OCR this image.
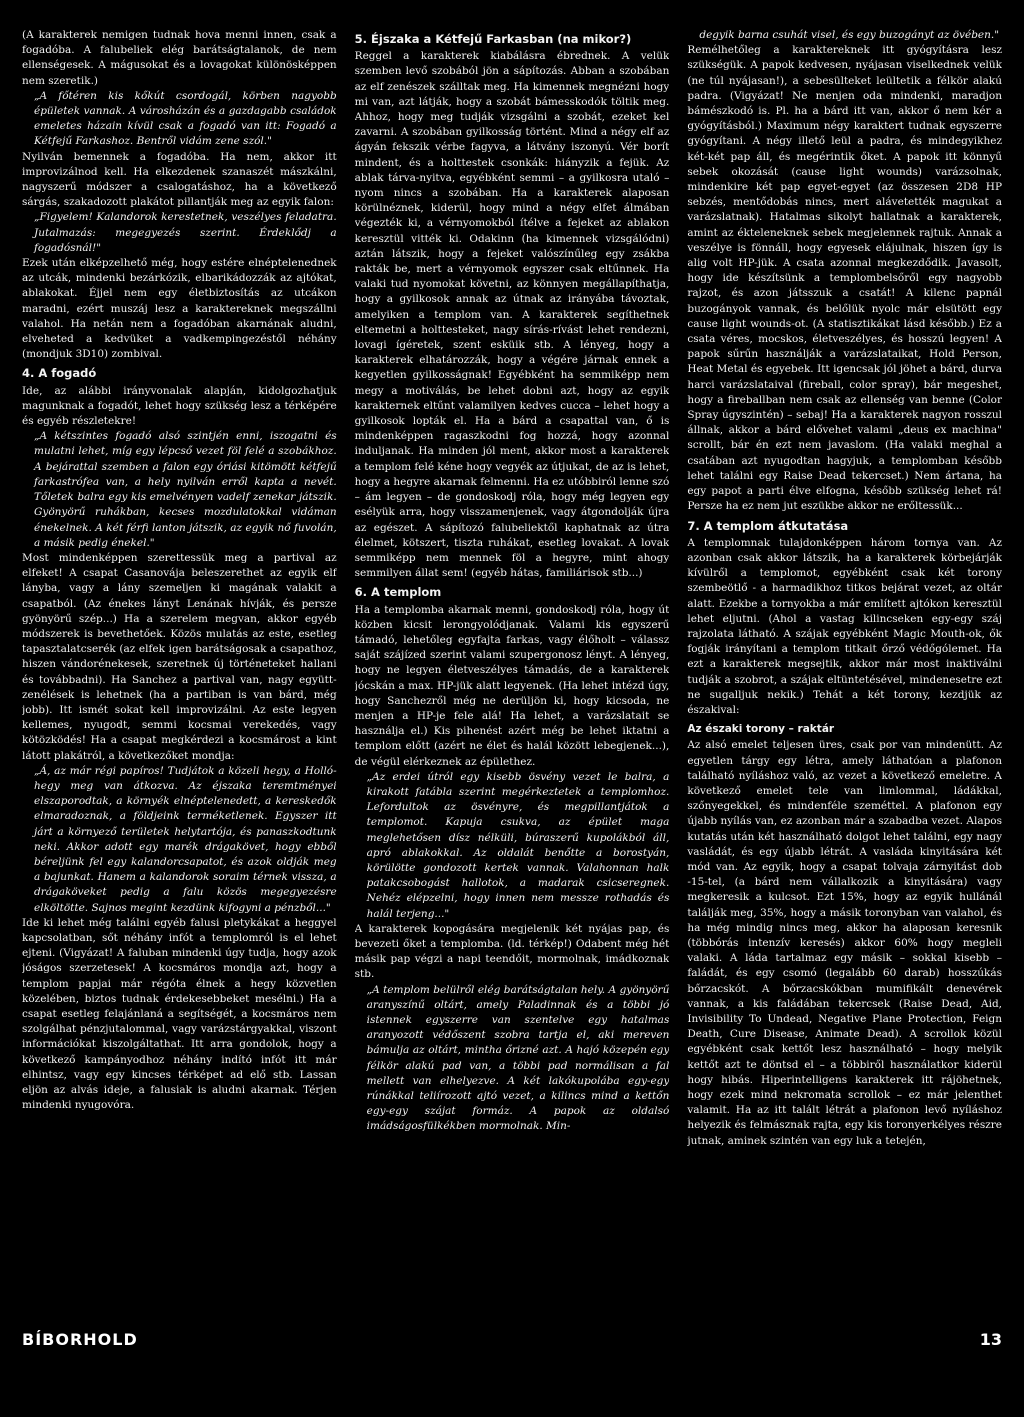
(A karakterek nemigen tudnak hova menni innen, csak a fogadóba. A falubeliek elég barátságtalanok, de nem ellenségesek. A mágusokat és a lovagokat különösképpen nem szeretik.)

„A főtéren kis kőkút csordogál, körben nagyobb épületek vannak. A városházán és a gazdagabb családok emeletes házain kívül csak a fogadó van itt: Fogadó a Kétfejű Farkashoz. Bentről vidám zene szól."

Nyilván bemennek a fogadóba. Ha nem, akkor itt improvizálnod kell. Ha elkezdenek szanaszét mászkálni, nagyszerű módszer a csalogatáshoz, ha a következő sárgás, szakadozott plakátot pillantják meg az egyik falon:

„Figyelem! Kalandorok kerestetnek, veszélyes feladatra. Jutalmazás: megegyezés szerint. Érdeklődj a fogadósnál!"

Ezek után elképzelhető még, hogy estére elnéptelenednek az utcák, mindenki bezárkózik, elbarikádozzák az ajtókat, ablakokat. Éjjel nem egy életbiztosítás az utcákon maradni, ezért muszáj lesz a karaktereknek megszállni valahol. Ha netán nem a fogadóban akarnának aludni, elveheted a kedvüket a vadkempingezéstől néhány (mondjuk 3D10) zombival.

4. A fogadó

Ide, az alábbi irányvonalak alapján, kidolgozhatjuk magunknak a fogadót, lehet hogy szükség lesz a térképére és egyéb részletekre!

„A kétszintes fogadó alsó szintjén enni, iszogatni és mulatni lehet, míg egy lépcső vezet föl felé a szobákhoz. A bejárattal szemben a falon egy óriási kitömött kétfejű farkastrófea van, a hely nyilván erről kapta a nevét. Tőletek balra egy kis emelvényen vadelf zenekar játszik. Gyönyörű ruhákban, kecses mozdulatokkal vidáman énekelnek. A két férfi lanton játszik, az egyik nő fuvolán, a másik pedig énekel."

Most mindenképpen szerettessük meg a partival az elfeket! A csapat Casanovája beleszerethet az egyik elf lányba, vagy a lány szemeljen ki magának valakit a csapatból. (Az énekes lányt Lenának hívják, és persze gyönyörű szép...) Ha a szerelem megvan, akkor egyéb módszerek is bevethetőek. Közös mulatás az este, esetleg tapasztalatcserék (az elfek igen barátságosak a csapathoz, hiszen vándorénekesek, szeretnek új történeteket hallani és továbbadni). Ha Sanchez a partival van, nagy együtt-zenélések is lehetnek (ha a partiban is van bárd, még jobb). Itt ismét sokat kell improvizálni. Az este legyen kellemes, nyugodt, semmi kocsmai verekedés, vagy kötözködés! Ha a csapat megkérdezi a kocsmárost a kint látott plakátról, a következőket mondja:

„Á, az már régi papíros! Tudjátok a közeli hegy, a Holló-hegy meg van átkozva. Az éjszaka teremtményei elszaporodtak, a környék elnéptelenedett, a kereskedők elmaradoznak, a földjeink terméketlenek. Egyszer itt járt a környező területek helytartója, és panaszkodtunk neki. Akkor adott egy marék drágakövet, hogy ebből béreljünk fel egy kalandorcsapatot, és azok oldják meg a bajunkat. Hanem a kalandorok soraim térnek vissza, a drágaköveket pedig a falu közös megegyezésre elköltötte. Sajnos megint kezdünk kifogyni a pénzből..."

Ide ki lehet még találni egyéb falusi pletykákat a heggyel kapcsolatban, sőt néhány infót a templomról is el lehet ejteni. (Vigyázat! A faluban mindenki úgy tudja, hogy azok jóságos szerzetesek! A kocsmáros mondja azt, hogy a templom papjai már régóta élnek a hegy közvetlen közelében, biztos tudnak érdekesebbeket mesélni.) Ha a csapat esetleg felajánlaná a segítségét, a kocsmáros nem szolgálhat pénzjutalommal, vagy varázstárgyakkal, viszont információkat kiszolgáltathat. Itt arra gondolok, hogy a következő kampányodhoz néhány indító infót itt már elhintsz, vagy egy kincses térképet ad elő stb. Lassan eljön az alvás ideje, a falusiak is aludni akarnak. Térjen mindenki nyugovóra.

5. Éjszaka a Kétfejű Farkasban (na mikor?)

Reggel a karakterek kiabálásra ébrednek. A velük szemben levő szobából jön a sápítozás. Abban a szobában az elf zenészek szálltak meg. Ha kimennek megnézni hogy mi van, azt látják, hogy a szobát bámesskodók töltik meg. Ahhoz, hogy meg tudják vizsgálni a szobát, ezeket kel zavarni. A szobában gyilkosság történt. Mind a négy elf az ágyán fekszik vérbe fagyva, a látvány iszonyú. Vér borít mindent, és a holttestek csonkák: hiányzik a fejük. Az ablak tárva-nyitva, egyébként semmi – a gyilkosra utaló – nyom nincs a szobában. Ha a karakterek alaposan körülnéznek, kiderül, hogy mind a négy elfet álmában végezték ki, a vérnyomokból ítélve a fejeket az ablakon keresztül vitték ki. Odakinn (ha kimennek vizsgálódni) aztán látszik, hogy a fejeket valószínűleg egy zsákba rakták be, mert a vérnyomok egyszer csak eltűnnek. Ha valaki tud nyomokat követni, az könnyen megállapíthatja, hogy a gyilkosok annak az útnak az irányába távoztak, amelyiken a templom van. A karakterek segíthetnek eltemetni a holttesteket, nagy sírás-rívást lehet rendezni, lovagi ígéretek, szent esküik stb. A lényeg, hogy a karakterek elhatározzák, hogy a végére járnak ennek a kegyetlen gyilkosságnak! Egyébként ha semmiképp nem megy a motiválás, be lehet dobni azt, hogy az egyik karakternek eltűnt valamilyen kedves cucca – lehet hogy a gyilkosok lopták el. Ha a bárd a csapattal van, ő is mindenképpen ragaszkodni fog hozzá, hogy azonnal induljanak. Ha minden jól ment, akkor most a karakterek a templom felé kéne hogy vegyék az útjukat, de az is lehet, hogy a hegyre akarnak felmenni. Ha ez utóbbiról lenne szó – ám legyen – de gondoskodj róla, hogy még legyen egy esélyük arra, hogy visszamenjenek, vagy átgondolják újra az egészet. A sápítozó falubeliektől kaphatnak az útra élelmet, kötszert, tiszta ruhákat, esetleg lovakat. A lovak semmiképp nem mennek föl a hegyre, mint ahogy semmilyen állat sem! (egyéb hátas, familiárisok stb...)

6. A templom

Ha a templomba akarnak menni, gondoskodj róla, hogy út közben kicsit lerongyolódjanak. Valami kis egyszerű támadó, lehetőleg egyfajta farkas, vagy élőholt – válassz saját szájízed szerint valami szupergonosz lényt. A lényeg, hogy ne legyen életveszélyes támadás, de a karakterek jócskán a max. HP-jük alatt legyenek. (Ha lehet intézd úgy, hogy Sanchezről még ne derüljön ki, hogy kicsoda, ne menjen a HP-je fele alá! Ha lehet, a varázslatait se használja el.) Kis pihenést azért még be lehet iktatni a templom előtt (azért ne élet és halál között lebegjenek...), de végül elérkeznek az épülethez.

„Az erdei útról egy kisebb ösvény vezet le balra, a kirakott fatábla szerint megérkeztetek a templomhoz. Lefordultok az ösvényre, és megpillantjátok a templomot. Kapuja csukva, az épület maga meglehetősen dísz nélküli, búraszerű kupolákból áll, apró ablakokkal. Az oldalát benőtte a borostyán, körülötte gondozott kertek vannak. Valahonnan halk patakcsobogást hallotok, a madarak csicseregnek. Nehéz elépzelni, hogy innen nem messze rothadás és halál terjeng..."

A karakterek kopogására megjelenik két nyájas pap, és bevezeti őket a templomba. (ld. térkép!) Odabent még hét másik pap végzi a napi teendőit, mormolnak, imádkoznak stb.

„A templom belülről elég barátságtalan hely. A gyönyörű aranyszínű oltárt, amely Paladinnak és a többi jó istennek egyszerre van szentelve egy hatalmas aranyozott védőszent szobra tartja el, aki mereven bámulja az oltárt, mintha őrizné azt. A hajó közepén egy félkör alakú pad van, a többi pad normálisan a fal mellett van elhelyezve. A két lakókupolába egy-egy rúnákkal teliírozott ajtó vezet, a kilincs mind a kettőn egy-egy szájat formáz. A papok az oldalsó imádságosfülkékben mormolnak. Min-

degyik barna csuhát visel, és egy buzogányt az övében."

Remélhetőleg a karaktereknek itt gyógyításra lesz szükségük. A papok kedvesen, nyájasan viselkednek velük (ne túl nyájasan!), a sebesülteket leültetik a félkör alakú padra. (Vigyázat! Ne menjen oda mindenki, maradjon bámészkodó is. Pl. ha a bárd itt van, akkor ő nem kér a gyógyításból.) Maximum négy karaktert tudnak egyszerre gyógyítani. A négy illető leül a padra, és mindegyikhez két-két pap áll, és megérintik őket. A papok itt könnyű sebek okozását (cause light wounds) varázsolnak, mindenkire két pap egyet-egyet (az összesen 2D8 HP sebzés, mentődobás nincs, mert alávetették magukat a varázslatnak). Hatalmas sikolyt hallatnak a karakterek, amint az ékteleneknek sebek megjelennek rajtuk. Annak a veszélye is fönnáll, hogy egyesek elájulnak, hiszen így is alig volt HP-jük. A csata azonnal megkezdődik. Javasolt, hogy ide készítsünk a templombelsőről egy nagyobb rajzot, és azon játsszuk a csatát! A kilenc papnál buzogányok vannak, és belőlük nyolc már elsütött egy cause light wounds-ot. (A statisztikákat lásd később.) Ez a csata véres, mocskos, életveszélyes, és hosszú legyen! A papok sűrűn használják a varázslataikat, Hold Person, Heat Metal és egyebek. Itt igencsak jól jöhet a bárd, durva harci varázslataival (fireball, color spray), bár megeshet, hogy a fireballban nem csak az ellenség van benne (Color Spray úgyszintén) – sebaj! Ha a karakterek nagyon rosszul állnak, akkor a bárd elővehet valami „deus ex machina" scrollt, bár én ezt nem javaslom. (Ha valaki meghal a csatában azt nyugodtan hagyjuk, a templomban később lehet találni egy Raise Dead tekercset.) Nem ártana, ha egy papot a parti élve elfogna, később szükség lehet rá! Persze ha ez nem jut eszükbe akkor ne erőltessük...

7. A templom átkutatása

A templomnak tulajdonképpen három tornya van. Az azonban csak akkor látszik, ha a karakterek körbejárják kívülről a templomot, egyébként csak két torony szembeötlő - a harmadikhoz titkos bejárat vezet, az oltár alatt. Ezekbe a tornyokba a már említett ajtókon keresztül lehet eljutni. (Ahol a vastag kilincseken egy-egy száj rajzolata látható. A szájak egyébként Magic Mouth-ok, ők fogják irányítani a templom titkait őrző védőgólemet. Ha ezt a karakterek megsejtik, akkor már most inaktiválni tudják a szobrot, a szájak eltüntetésével, mindenesetre ezt ne sugalljuk nekik.) Tehát a két torony, kezdjük az északival:

Az északi torony – raktár

Az alsó emelet teljesen üres, csak por van mindenütt. Az egyetlen tárgy egy létra, amely láthatóan a plafonon található nyíláshoz való, az vezet a következő emeletre. A következő emelet tele van limlommal, ládákkal, szőnyegekkel, és mindenféle szeméttel. A plafonon egy újabb nyílás van, ez azonban már a szabadba vezet. Alapos kutatás után két használható dolgot lehet találni, egy nagy vasládát, és egy újabb létrát. A vasláda kinyitására két mód van. Az egyik, hogy a csapat tolvaja zárnyitást dob -15-tel, (a bárd nem vállalkozik a kinyitására) vagy megkeresik a kulcsot. Ezt 15%, hogy az egyik hullánál találják meg, 35%, hogy a másik toronyban van valahol, és ha még mindig nincs meg, akkor ha alaposan keresnik (többórás intenzív keresés) akkor 60% hogy megleli valaki. A láda tartalmaz egy másik – sokkal kisebb – faládát, és egy csomó (legalább 60 darab) hosszúkás bőrzacskót. A bőrzacskókban mumifikált denevérek vannak, a kis faládában tekercsek (Raise Dead, Aid, Invisibility To Undead, Negative Plane Protection, Feign Death, Cure Disease, Animate Dead). A scrollok közül egyébként csak kettőt lesz használható – hogy melyik kettőt azt te döntsd el – a többiről használatkor kiderül hogy hibás. Hiperintelligens karakterek itt rájöhetnek, hogy ezek mind nekromata scrollok – ez már jelenthet valamit. Ha az itt talált létrát a plafonon levő nyíláshoz helyezik és felmásznak rajta, egy kis toronyerkélyes részre jutnak, aminek szintén van egy luk a tetején,

BÍBORHOLD	13
